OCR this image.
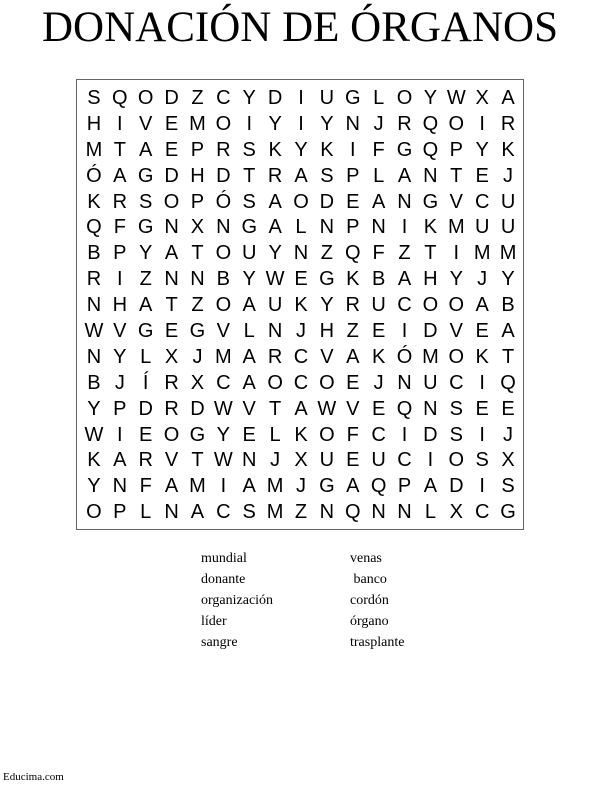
DONACIÓN DE ÓRGANOS
S Q O D Z C Y D I U G L O Y W X A
H I V E M O I Y I Y N J R Q O I R
M T A E P R S K Y K I F G Q P Y K
Ó A G D H D T R A S P L A N T E J
K R S O P Ó S A O D E A N G V C U
Q F G N X N G A L N P N I K M U U
B P Y A T O U Y N Z Q F Z T I M M
R I Z N N B Y W E G K B A H Y J Y
N H A T Z O A U K Y R U C O O A B
W V G E G V L N J H Z E I D V E A
N Y L X J M A R C V A K Ó M O K T
B J Í R X C A O C O E J N U C I Q
Y P D R D W V T A W V E Q N S E E
W I E O G Y E L K O F C I D S I J
K A R V T W N J X U E U C I O S X
Y N F A M I A M J G A Q P A D I S
O P L N A C S M Z N Q N N L X C G
mundial
donante
organización
líder
sangre
venas
banco
cordón
órgano
trasplante
Educima.com
